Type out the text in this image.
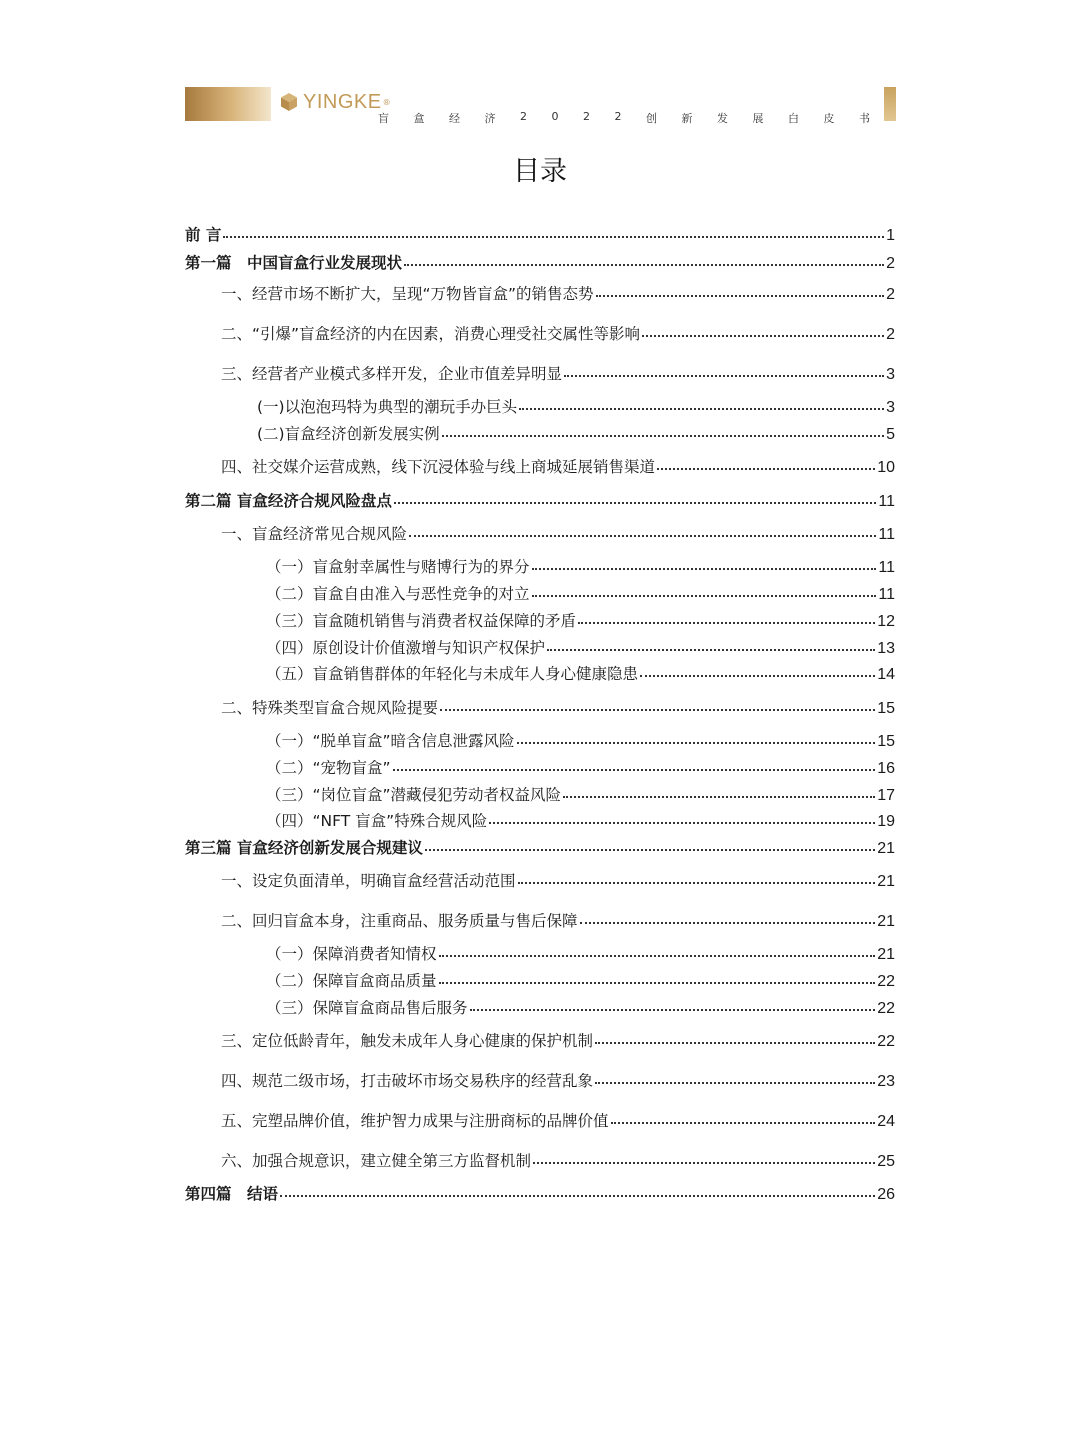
YINGKE ®
盲 盒 经 济 2 0 2 2 创 新 发 展 白 皮 书
目录
前 言	1
第一篇　中国盲盒行业发展现状	2
一、经营市场不断扩大，呈现“万物皆盲盒”的销售态势	2
二、“引爆”盲盒经济的内在因素，消费心理受社交属性等影响	2
三、经营者产业模式多样开发，企业市值差异明显	3
(一)以泡泡玛特为典型的潮玩手办巨头	3
(二)盲盒经济创新发展实例	5
四、社交媒介运营成熟，线下沉浸体验与线上商城延展销售渠道	10
第二篇 盲盒经济合规风险盘点	11
一、盲盒经济常见合规风险	11
（一）盲盒射幸属性与赌博行为的界分	11
（二）盲盒自由准入与恶性竞争的对立	11
（三）盲盒随机销售与消费者权益保障的矛盾	12
（四）原创设计价值激增与知识产权保护	13
（五）盲盒销售群体的年轻化与未成年人身心健康隐患	14
二、特殊类型盲盒合规风险提要	15
（一）“脱单盲盒”暗含信息泄露风险	15
（二）“宠物盲盒”	16
（三）“岗位盲盒”潜藏侵犯劳动者权益风险	17
（四）“NFT 盲盒”特殊合规风险	19
第三篇 盲盒经济创新发展合规建议	21
一、设定负面清单，明确盲盒经营活动范围	21
二、回归盲盒本身，注重商品、服务质量与售后保障	21
（一）保障消费者知情权	21
（二）保障盲盒商品质量	22
（三）保障盲盒商品售后服务	22
三、定位低龄青年，触发未成年人身心健康的保护机制	22
四、规范二级市场，打击破坏市场交易秩序的经营乱象	23
五、完塑品牌价值，维护智力成果与注册商标的品牌价值	24
六、加强合规意识，建立健全第三方监督机制	25
第四篇　结语	26
